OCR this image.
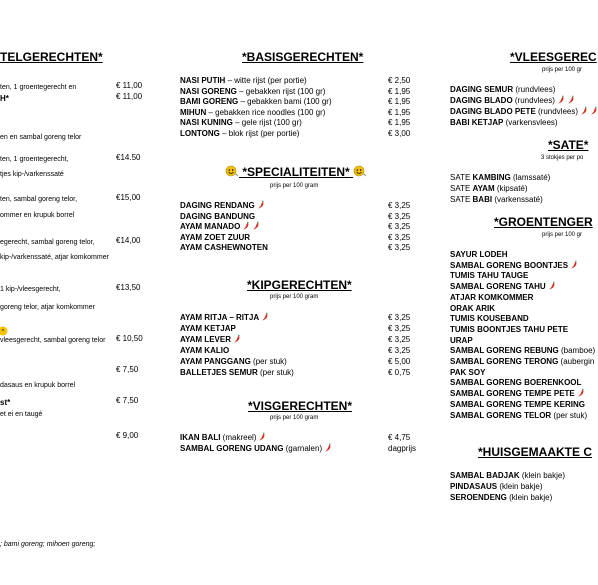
TELGERECHTEN*
ten, 1 groentegerecht en	€ 11,00
H*	€ 11,00
en en sambal goreng telor
ten, 1 groentegerecht,	€14.50
tjes kip-/varkenssaté
ten, sambal goreng telor,	€15,00
ommer en krupuk borrel
egerecht, sambal goreng telor,	€14,00
kip-/varkenssaté, atjar komkommer
1 kip-/vleesgerecht,	€13,50
goreng telor, atjar komkommer
vleesgerecht, sambal goreng telor € 10,50
€ 7,50
dasaus en krupuk borrel
st*	€ 7,50
et ei en taugé
€ 9,00
; bami goreng; mihoen goreng;
*BASISGERECHTEN*
NASI PUTIH – witte rijst (per portie)	€ 2,50
NASI GORENG – gebakken rijst (100 gr)	€ 1,95
BAMI GORENG – gebakken bami (100 gr)	€ 1,95
MIHUN – gebakken rice noodles (100 gr)	€ 1,95
NASI KUNING – gele rijst (100 gr)	€ 1,95
LONTONG – blok rijst (per portie)	€ 3,00
*SPECIALITEITEN*
prijs per 100 gram
DAGING RENDANG	€ 3,25
DAGING BANDUNG	€ 3,25
AYAM MANADO	€ 3,25
AYAM ZOET ZUUR	€ 3,25
AYAM CASHEWNOTEN	€ 3,25
*KIPGERECHTEN*
prijs per 100 gram
AYAM RITJA – RITJA	€ 3,25
AYAM KETJAP	€ 3,25
AYAM LEVER	€ 3,25
AYAM KALIO	€ 3,25
AYAM PANGGANG (per stuk)	€ 5,00
BALLETJES SEMUR (per stuk)	€ 0,75
*VISGERECHTEN*
prijs per 100 gram
IKAN BALI (makreel)	€ 4,75
SAMBAL GORENG UDANG (garnalen)	dagprijs
*VLEESGEREC
prijs per 100 gr
DAGING SEMUR (rundvlees)
DAGING BLADO (rundvlees)
DAGING BLADO PETE (rundvlees)
BABI KETJAP (varkensvlees)
*SATE*
3 stokjes per po
SATE KAMBING (lamssaté)
SATE AYAM (kipsaté)
SATE BABI (varkenssaté)
*GROENTENGER
prijs per 100 gr
SAYUR LODEH
SAMBAL GORENG BOONTJES
TUMIS TAHU TAUGE
SAMBAL GORENG TAHU
ATJAR KOMKOMMER
ORAK ARIK
TUMIS KOUSEBAND
TUMIS BOONTJES TAHU PETE
URAP
SAMBAL GORENG REBUNG (bamboe)
SAMBAL GORENG TERONG (aubergin
PAK SOY
SAMBAL GORENG BOERENKOOL
SAMBAL GORENG TEMPE PETE
SAMBAL GORENG TEMPE KERING
SAMBAL GORENG TELOR (per stuk)
*HUISGEMAAKTE C
SAMBAL BADJAK (klein bakje)
PINDASAUS (klein bakje)
SEROENDENG (klein bakje)
